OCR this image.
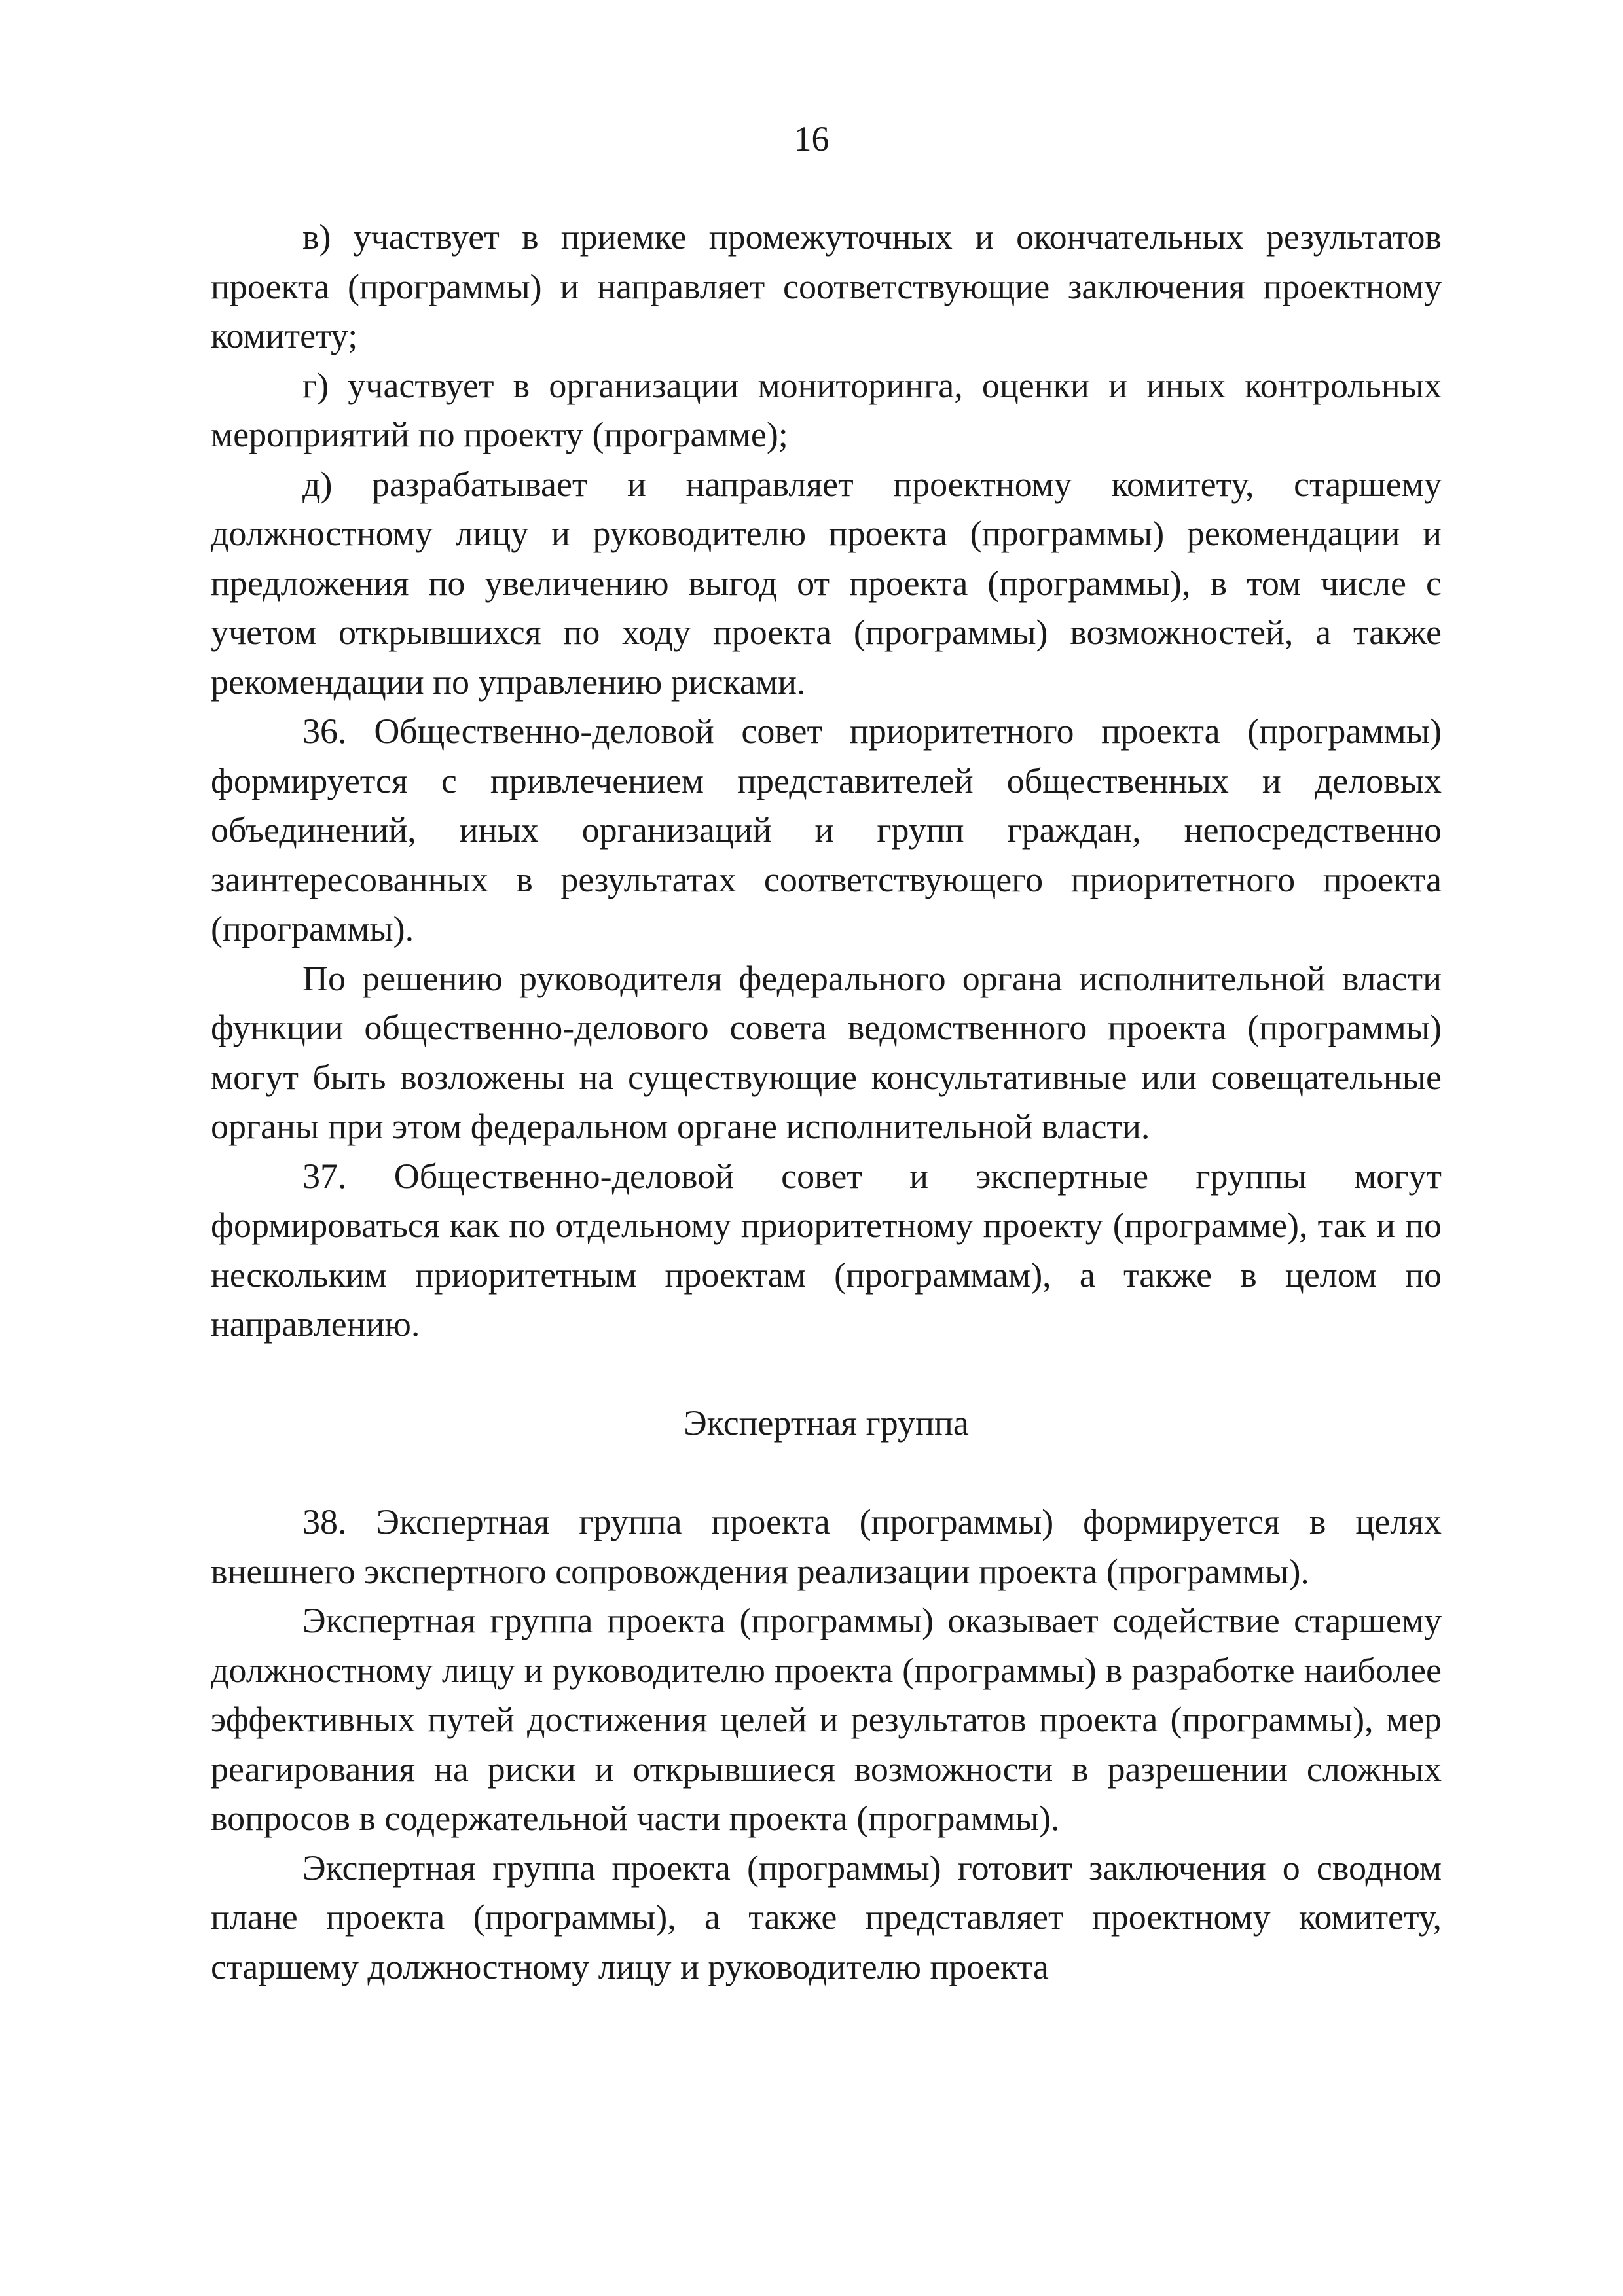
16

в) участвует в приемке промежуточных и окончательных результатов проекта (программы) и направляет соответствующие заключения проектному комитету;

г) участвует в организации мониторинга, оценки и иных контрольных мероприятий по проекту (программе);

д) разрабатывает и направляет проектному комитету, старшему должностному лицу и руководителю проекта (программы) рекомендации и предложения по увеличению выгод от проекта (программы), в том числе с учетом открывшихся по ходу проекта (программы) возможностей, а также рекомендации по управлению рисками.

36. Общественно-деловой совет приоритетного проекта (программы) формируется с привлечением представителей общественных и деловых объединений, иных организаций и групп граждан, непосредственно заинтересованных в результатах соответствующего приоритетного проекта (программы).

По решению руководителя федерального органа исполнительной власти функции общественно-делового совета ведомственного проекта (программы) могут быть возложены на существующие консультативные или совещательные органы при этом федеральном органе исполнительной власти.

37. Общественно-деловой совет и экспертные группы могут формироваться как по отдельному приоритетному проекту (программе), так и по нескольким приоритетным проектам (программам), а также в целом по направлению.

Экспертная группа

38. Экспертная группа проекта (программы) формируется в целях внешнего экспертного сопровождения реализации проекта (программы).

Экспертная группа проекта (программы) оказывает содействие старшему должностному лицу и руководителю проекта (программы) в разработке наиболее эффективных путей достижения целей и результатов проекта (программы), мер реагирования на риски и открывшиеся возможности в разрешении сложных вопросов в содержательной части проекта (программы).

Экспертная группа проекта (программы) готовит заключения о сводном плане проекта (программы), а также представляет проектному комитету, старшему должностному лицу и руководителю проекта
